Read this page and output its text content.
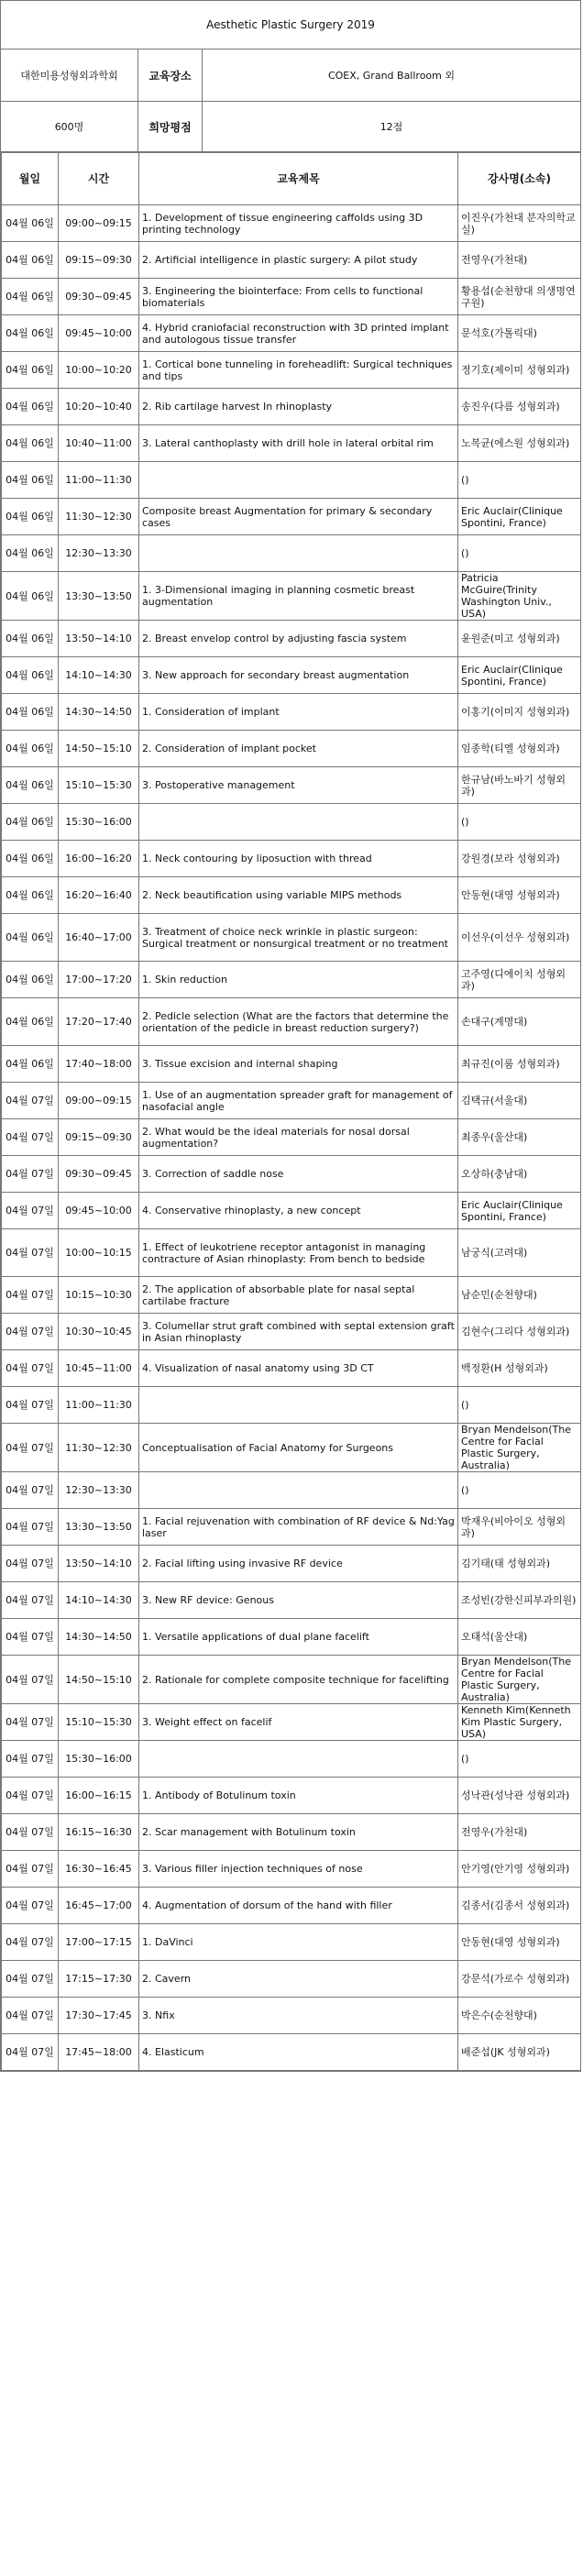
Aesthetic Plastic Surgery 2019
대한미용성형외과학회	교육장소	COEX, Grand Ballroom 외
600명	희망평점	12점
월일	시간	교육제목	강사명(소속)
04월 06일	09:00~09:15	1. Development of tissue engineering caffolds using 3D printing technology	이진우(가천대 분자의학교실)
04월 06일	09:15~09:30	2. Artificial intelligence in plastic surgery: A pilot study	전영우(가천대)
04월 06일	09:30~09:45	3. Engineering the biointerface: From cells to functional biomaterials	황용섭(순천향대 의생명연구원)
04월 06일	09:45~10:00	4. Hybrid craniofacial reconstruction with 3D printed implant and autologous tissue transfer	문석호(가톨릭대)
04월 06일	10:00~10:20	1. Cortical bone tunneling in foreheadlift: Surgical techniques and tips	정기호(제이미 성형외과)
04월 06일	10:20~10:40	2. Rib cartilage harvest In rhinoplasty	송진우(다름 성형외과)
04월 06일	10:40~11:00	3. Lateral canthoplasty with drill hole in lateral orbital rim	노복균(에스원 성형외과)
04월 06일	11:00~11:30		()
04월 06일	11:30~12:30	Composite breast Augmentation for primary & secondary cases	Eric Auclair(Clinique Spontini, France)
04월 06일	12:30~13:30		()
04월 06일	13:30~13:50	1. 3-Dimensional imaging in planning cosmetic breast augmentation	Patricia McGuire(Trinity Washington Univ., USA)
04월 06일	13:50~14:10	2. Breast envelop control by adjusting fascia system	윤원준(미고 성형외과)
04월 06일	14:10~14:30	3. New approach for secondary breast augmentation	Eric Auclair(Clinique Spontini, France)
04월 06일	14:30~14:50	1. Consideration of implant	이홍기(이미지 성형외과)
04월 06일	14:50~15:10	2. Consideration of implant pocket	임종학(티엘 성형외과)
04월 06일	15:10~15:30	3. Postoperative management	한규남(바노바기 성형외과)
04월 06일	15:30~16:00		()
04월 06일	16:00~16:20	1. Neck contouring by liposuction with thread	강원경(보라 성형외과)
04월 06일	16:20~16:40	2. Neck beautification using variable MIPS methods	안동현(대영 성형외과)
04월 06일	16:40~17:00	3. Treatment of choice neck wrinkle in plastic surgeon: Surgical treatment or nonsurgical treatment or no treatment	이선우(이선우 성형외과)
04월 06일	17:00~17:20	1. Skin reduction	고주영(디에이치 성형외과)
04월 06일	17:20~17:40	2. Pedicle selection (What are the factors that determine the orientation of the pedicle in breast reduction surgery?)	손대구(계명대)
04월 06일	17:40~18:00	3. Tissue excision and internal shaping	최규진(이룸 성형외과)
04월 07일	09:00~09:15	1. Use of an augmentation spreader graft for management of nasofacial angle	김택규(서울대)
04월 07일	09:15~09:30	2. What would be the ideal materials for nosal dorsal augmentation?	최종우(울산대)
04월 07일	09:30~09:45	3. Correction of saddle nose	오상하(충남대)
04월 07일	09:45~10:00	4. Conservative rhinoplasty, a new concept	Eric Auclair(Clinique Spontini, France)
04월 07일	10:00~10:15	1. Effect of leukotriene receptor antagonist in managing contracture of Asian rhinoplasty: From bench to bedside	남궁식(고려대)
04월 07일	10:15~10:30	2. The application of absorbable plate for nasal septal cartilabe fracture	남순민(순천향대)
04월 07일	10:30~10:45	3. Columellar strut graft combined with septal extension graft in Asian rhinoplasty	김현수(그리다 성형외과)
04월 07일	10:45~11:00	4. Visualization of nasal anatomy using 3D CT	백정환(H 성형외과)
04월 07일	11:00~11:30		()
04월 07일	11:30~12:30	Conceptualisation of Facial Anatomy for Surgeons	Bryan Mendelson(The Centre for Facial Plastic Surgery, Australia)
04월 07일	12:30~13:30		()
04월 07일	13:30~13:50	1. Facial rejuvenation with combination of RF device & Nd:Yag laser	박재우(비아이오 성형외과)
04월 07일	13:50~14:10	2. Facial lifting using invasive RF device	김기태(태 성형외과)
04월 07일	14:10~14:30	3. New RF device: Genous	조성빈(강한신피부과의원)
04월 07일	14:30~14:50	1. Versatile applications of dual plane facelift	오태석(울산대)
04월 07일	14:50~15:10	2. Rationale for complete composite technique for facelifting	Bryan Mendelson(The Centre for Facial Plastic Surgery, Australia)
04월 07일	15:10~15:30	3. Weight effect on facelif	Kenneth Kim(Kenneth Kim Plastic Surgery, USA)
04월 07일	15:30~16:00		()
04월 07일	16:00~16:15	1. Antibody of Botulinum toxin	성낙관(성낙관 성형외과)
04월 07일	16:15~16:30	2. Scar management with Botulinum toxin	전영우(가천대)
04월 07일	16:30~16:45	3. Various filler injection techniques of nose	안기영(안기영 성형외과)
04월 07일	16:45~17:00	4. Augmentation of dorsum of the hand with filler	김종서(김종서 성형외과)
04월 07일	17:00~17:15	1. DaVinci	안동현(대영 성형외과)
04월 07일	17:15~17:30	2. Cavern	강문석(가로수 성형외과)
04월 07일	17:30~17:45	3. Nfix	박은수(순천향대)
04월 07일	17:45~18:00	4. Elasticum	배준섭(JK 성형외과)
